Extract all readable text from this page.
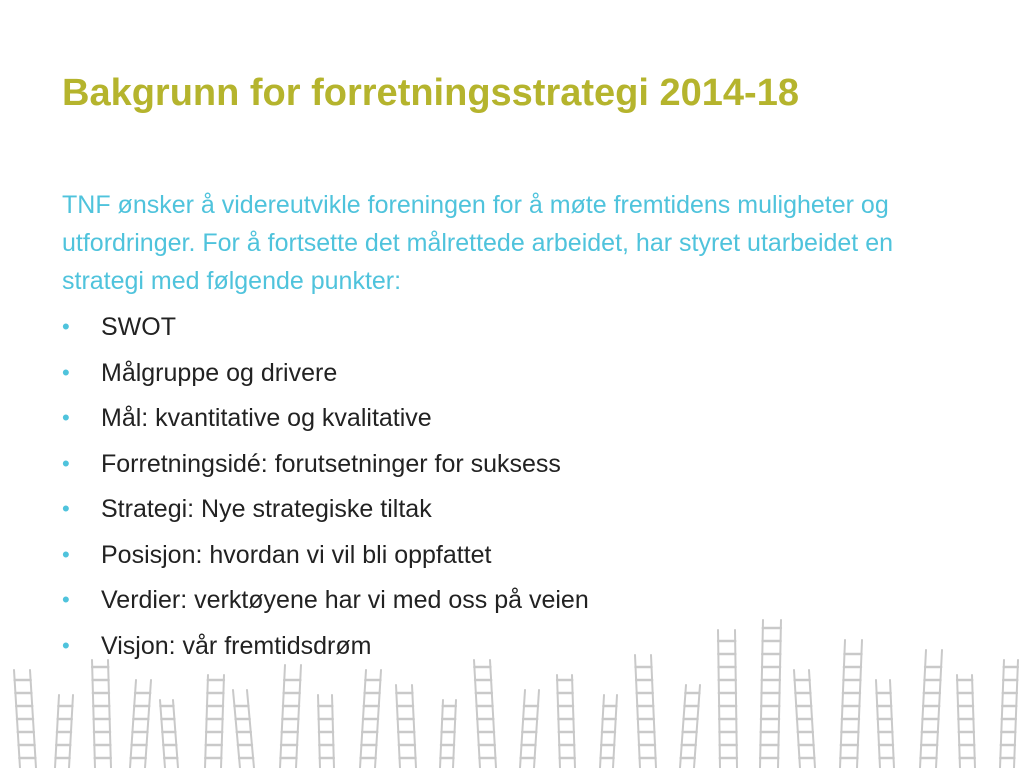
Bakgrunn for forretningsstrategi 2014-18

TNF ønsker å videreutvikle foreningen for å møte fremtidens muligheter og utfordringer. For å fortsette det målrettede arbeidet, har styret utarbeidet en strategi med følgende punkter:

• SWOT
• Målgruppe og drivere
• Mål: kvantitative og kvalitative
• Forretningsidé: forutsetninger for suksess
• Strategi: Nye strategiske tiltak
• Posisjon: hvordan vi vil bli oppfattet
• Verdier: verktøyene har vi med oss på veien
• Visjon: vår fremtidsdrøm
